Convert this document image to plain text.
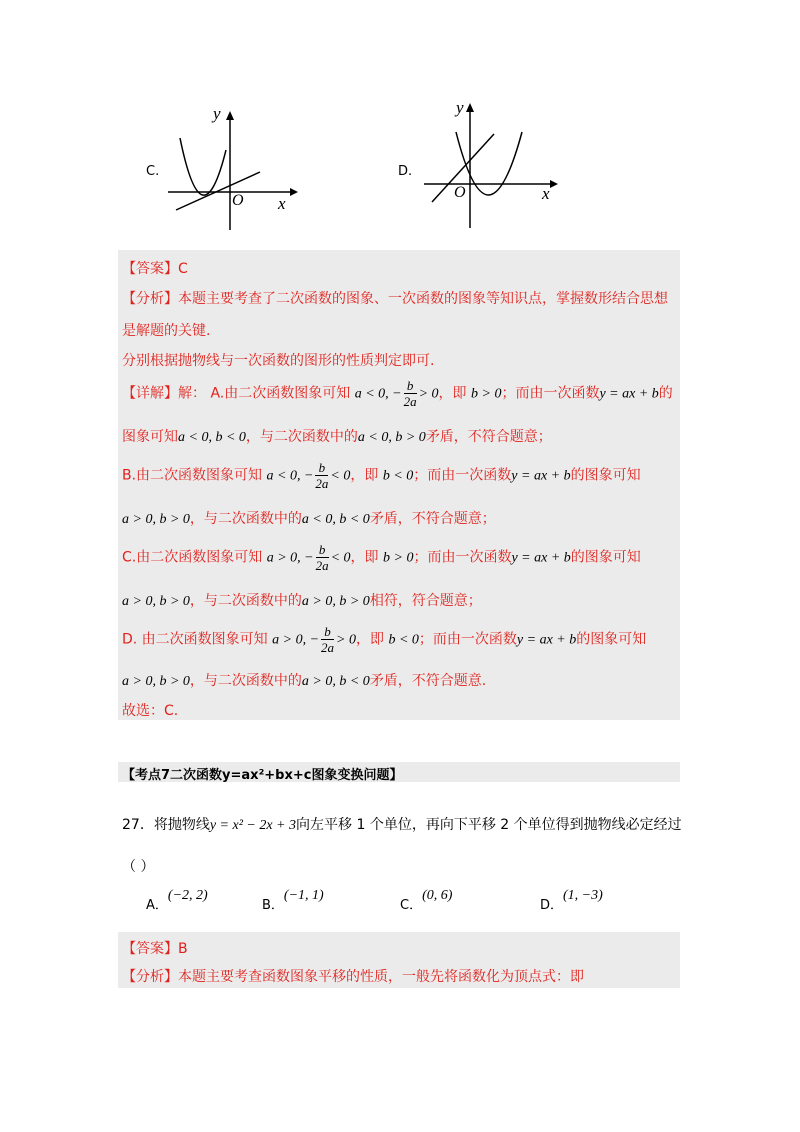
C.
y
x
O
D.
y
x
O
【答案】C
【分析】本题主要考查了二次函数的图象、一次函数的图象等知识点，掌握数形结合思想
是解题的关键.
分别根据抛物线与一次函数的图形的性质判定即可.
【详解】解： A.由二次函数图象可知 a < 0, − $\frac{b}{2a} > 0$，即 b > 0；而由一次函数y = ax + b的
图象可知a < 0, b < 0，与二次函数中的a < 0, b > 0矛盾，不符合题意；
B.由二次函数图象可知 a < 0, − $\frac{b}{2a} < 0$，即 b < 0；而由一次函数y = ax + b的图象可知
a > 0, b > 0，与二次函数中的a < 0, b < 0矛盾，不符合题意；
C.由二次函数图象可知 a > 0, − $\frac{b}{2a} < 0$，即 b > 0；而由一次函数y = ax + b的图象可知
a > 0, b > 0，与二次函数中的a > 0, b > 0相符，符合题意；
D. 由二次函数图象可知 a > 0, − $\frac{b}{2a} > 0$，即 b < 0；而由一次函数y = ax + b的图象可知
a > 0, b > 0，与二次函数中的a > 0, b < 0矛盾，不符合题意.
故选：C.
【考点7二次函数y=ax²+bx+c图象变换问题】
27．将抛物线y = x² − 2x + 3向左平移 1 个单位，再向下平移 2 个单位得到抛物线必定经过
（ ）
A．(−2, 2)
B．(−1, 1)
C．(0, 6)
D．(1, −3)
【答案】B
【分析】本题主要考查函数图象平移的性质，一般先将函数化为顶点式：即
